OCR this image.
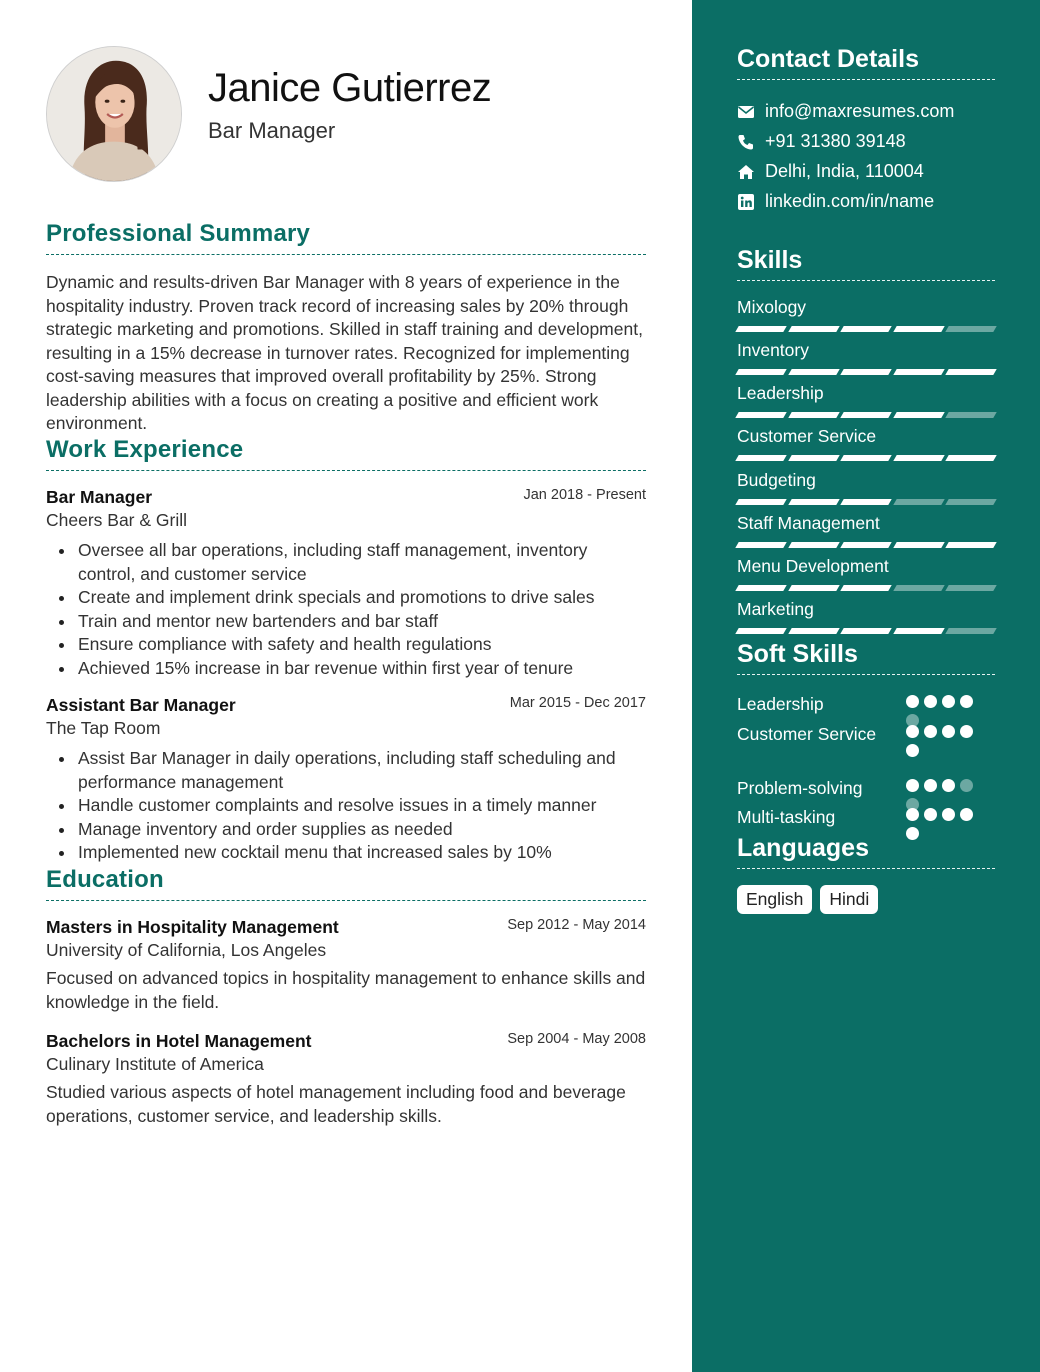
Janice Gutierrez
Bar Manager
Professional Summary
Dynamic and results-driven Bar Manager with 8 years of experience in the hospitality industry. Proven track record of increasing sales by 20% through strategic marketing and promotions. Skilled in staff training and development, resulting in a 15% decrease in turnover rates. Recognized for implementing cost-saving measures that improved overall profitability by 25%. Strong leadership abilities with a focus on creating a positive and efficient work environment.
Work Experience
Bar Manager	Jan 2018 - Present
Cheers Bar & Grill
Oversee all bar operations, including staff management, inventory control, and customer service
Create and implement drink specials and promotions to drive sales
Train and mentor new bartenders and bar staff
Ensure compliance with safety and health regulations
Achieved 15% increase in bar revenue within first year of tenure
Assistant Bar Manager	Mar 2015 - Dec 2017
The Tap Room
Assist Bar Manager in daily operations, including staff scheduling and performance management
Handle customer complaints and resolve issues in a timely manner
Manage inventory and order supplies as needed
Implemented new cocktail menu that increased sales by 10%
Education
Masters in Hospitality Management	Sep 2012 - May 2014
University of California, Los Angeles
Focused on advanced topics in hospitality management to enhance skills and knowledge in the field.
Bachelors in Hotel Management	Sep 2004 - May 2008
Culinary Institute of America
Studied various aspects of hotel management including food and beverage operations, customer service, and leadership skills.
Contact Details
info@maxresumes.com
+91 31380 39148
Delhi, India, 110004
linkedin.com/in/name
Skills
Mixology
Inventory
Leadership
Customer Service
Budgeting
Staff Management
Menu Development
Marketing
Soft Skills
Leadership
Customer Service
Problem-solving
Multi-tasking
Languages
English	Hindi
